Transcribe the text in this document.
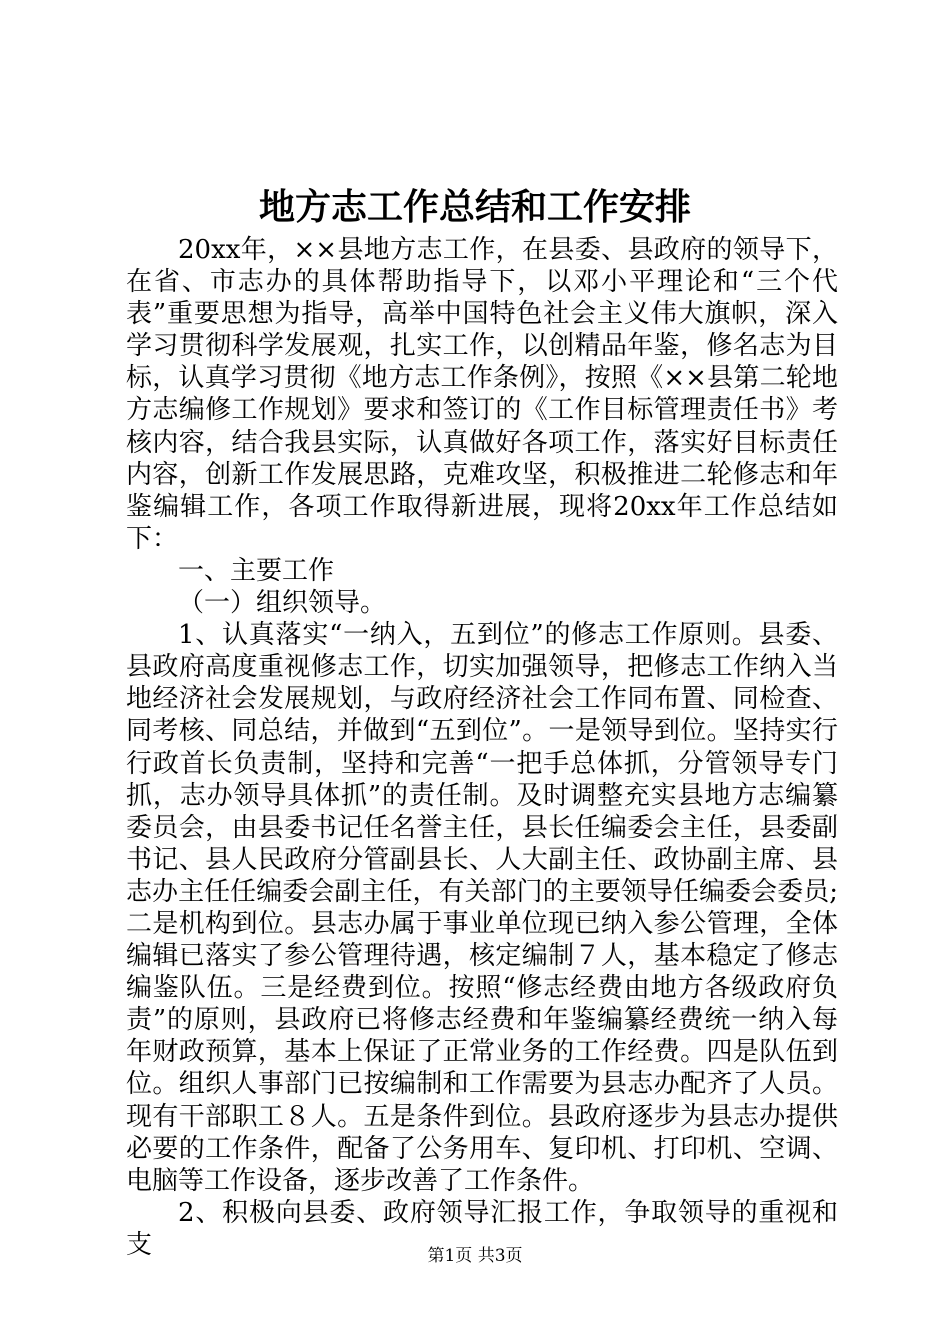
地方志工作总结和工作安排

20xx年，××县地方志工作，在县委、县政府的领导下，在省、市志办的具体帮助指导下，以邓小平理论和“三个代表”重要思想为指导，高举中国特色社会主义伟大旗帜，深入学习贯彻科学发展观，扎实工作，以创精品年鉴，修名志为目标，认真学习贯彻《地方志工作条例》，按照《××县第二轮地方志编修工作规划》要求和签订的《工作目标管理责任书》考核内容，结合我县实际，认真做好各项工作，落实好目标责任内容，创新工作发展思路，克难攻坚，积极推进二轮修志和年鉴编辑工作，各项工作取得新进展，现将20xx年工作总结如下：

一、主要工作

（一）组织领导。

1、认真落实“一纳入，五到位”的修志工作原则。县委、县政府高度重视修志工作，切实加强领导，把修志工作纳入当地经济社会发展规划，与政府经济社会工作同布置、同检查、同考核、同总结，并做到“五到位”。一是领导到位。坚持实行行政首长负责制，坚持和完善“一把手总体抓，分管领导专门抓，志办领导具体抓”的责任制。及时调整充实县地方志编纂委员会，由县委书记任名誉主任，县长任编委会主任，县委副书记、县人民政府分管副县长、人大副主任、政协副主席、县志办主任任编委会副主任，有关部门的主要领导任编委会委员;二是机构到位。县志办属于事业单位现已纳入参公管理，全体编辑已落实了参公管理待遇，核定编制７人，基本稳定了修志编鉴队伍。三是经费到位。按照“修志经费由地方各级政府负责”的原则，县政府已将修志经费和年鉴编纂经费统一纳入每年财政预算，基本上保证了正常业务的工作经费。四是队伍到位。组织人事部门已按编制和工作需要为县志办配齐了人员。现有干部职工８人。五是条件到位。县政府逐步为县志办提供必要的工作条件，配备了公务用车、复印机、打印机、空调、电脑等工作设备，逐步改善了工作条件。

2、积极向县委、政府领导汇报工作，争取领导的重视和支	第1页 共3页
